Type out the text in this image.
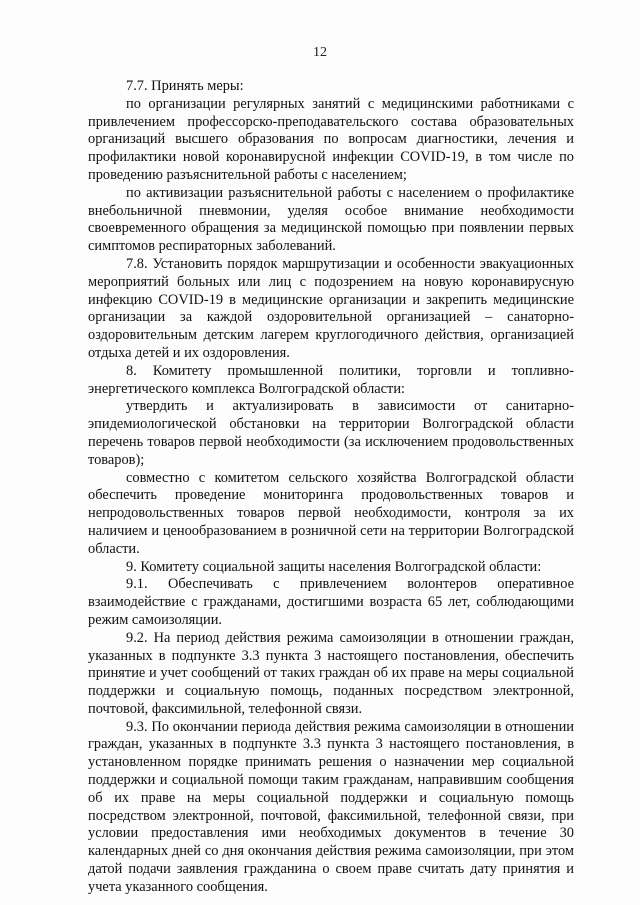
12

7.7. Принять меры:

по организации регулярных занятий с медицинскими работниками с привлечением профессорско-преподавательского состава образовательных организаций высшего образования по вопросам диагностики, лечения и профилактики новой коронавирусной инфекции COVID-19, в том числе по проведению разъяснительной работы с населением;

по активизации разъяснительной работы с населением о профилактике внебольничной пневмонии, уделяя особое внимание необходимости своевременного обращения за медицинской помощью при появлении первых симптомов респираторных заболеваний.

7.8. Установить порядок маршрутизации и особенности эвакуационных мероприятий больных или лиц с подозрением на новую коронавирусную инфекцию COVID-19 в медицинские организации и закрепить медицинские организации за каждой оздоровительной организацией – санаторно-оздоровительным детским лагерем круглогодичного действия, организацией отдыха детей и их оздоровления.

8. Комитету промышленной политики, торговли и топливно-энергетического комплекса Волгоградской области:

утвердить и актуализировать в зависимости от санитарно-эпидемиологической обстановки на территории Волгоградской области перечень товаров первой необходимости (за исключением продовольственных товаров);

совместно с комитетом сельского хозяйства Волгоградской области обеспечить проведение мониторинга продовольственных товаров и непродовольственных товаров первой необходимости, контроля за их наличием и ценообразованием в розничной сети на территории Волгоградской области.

9. Комитету социальной защиты населения Волгоградской области:

9.1. Обеспечивать с привлечением волонтеров оперативное взаимодействие с гражданами, достигшими возраста 65 лет, соблюдающими режим самоизоляции.

9.2. На период действия режима самоизоляции в отношении граждан, указанных в подпункте 3.3 пункта 3 настоящего постановления, обеспечить принятие и учет сообщений от таких граждан об их праве на меры социальной поддержки и социальную помощь, поданных посредством электронной, почтовой, факсимильной, телефонной связи.

9.3. По окончании периода действия режима самоизоляции в отношении граждан, указанных в подпункте 3.3 пункта 3 настоящего постановления, в установленном порядке принимать решения о назначении мер социальной поддержки и социальной помощи таким гражданам, направившим сообщения об их праве на меры социальной поддержки и социальную помощь посредством электронной, почтовой, факсимильной, телефонной связи, при условии предоставления ими необходимых документов в течение 30 календарных дней со дня окончания действия режима самоизоляции, при этом датой подачи заявления гражданина о своем праве считать дату принятия и учета указанного сообщения.
